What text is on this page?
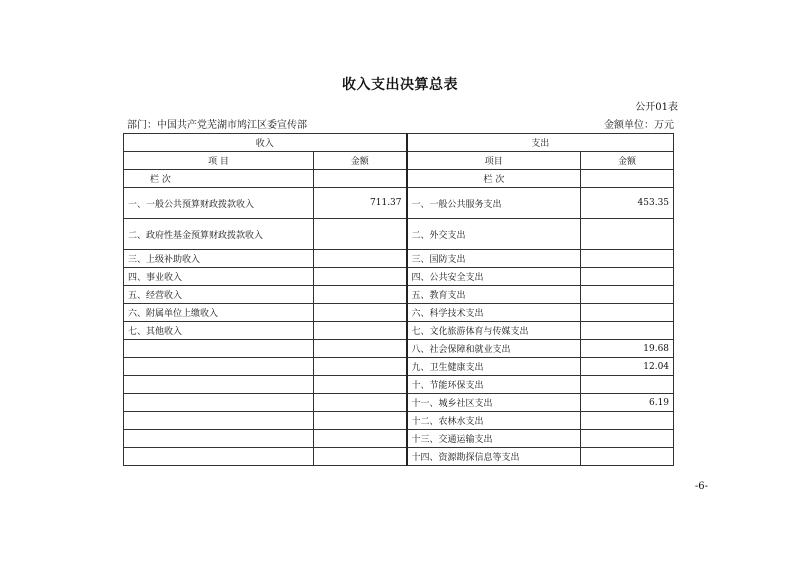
收入支出决算总表
公开01表
部门：中国共产党芜湖市鸠江区委宣传部	金额单位：万元
收入		支出	
项 目	金额	项目	金额
栏 次		栏 次	
一、一般公共预算财政拨款收入	711.37	一、一般公共服务支出	453.35
二、政府性基金预算财政拨款收入		二、外交支出	
三、上级补助收入		三、国防支出	
四、事业收入		四、公共安全支出	
五、经营收入		五、教育支出	
六、附属单位上缴收入		六、科学技术支出	
七、其他收入		七、文化旅游体育与传媒支出	
		八、社会保障和就业支出	19.68
		九、卫生健康支出	12.04
		十、节能环保支出	
		十一、城乡社区支出	6.19
		十二、农林水支出	
		十三、交通运输支出	
		十四、资源勘探信息等支出	
-6-
